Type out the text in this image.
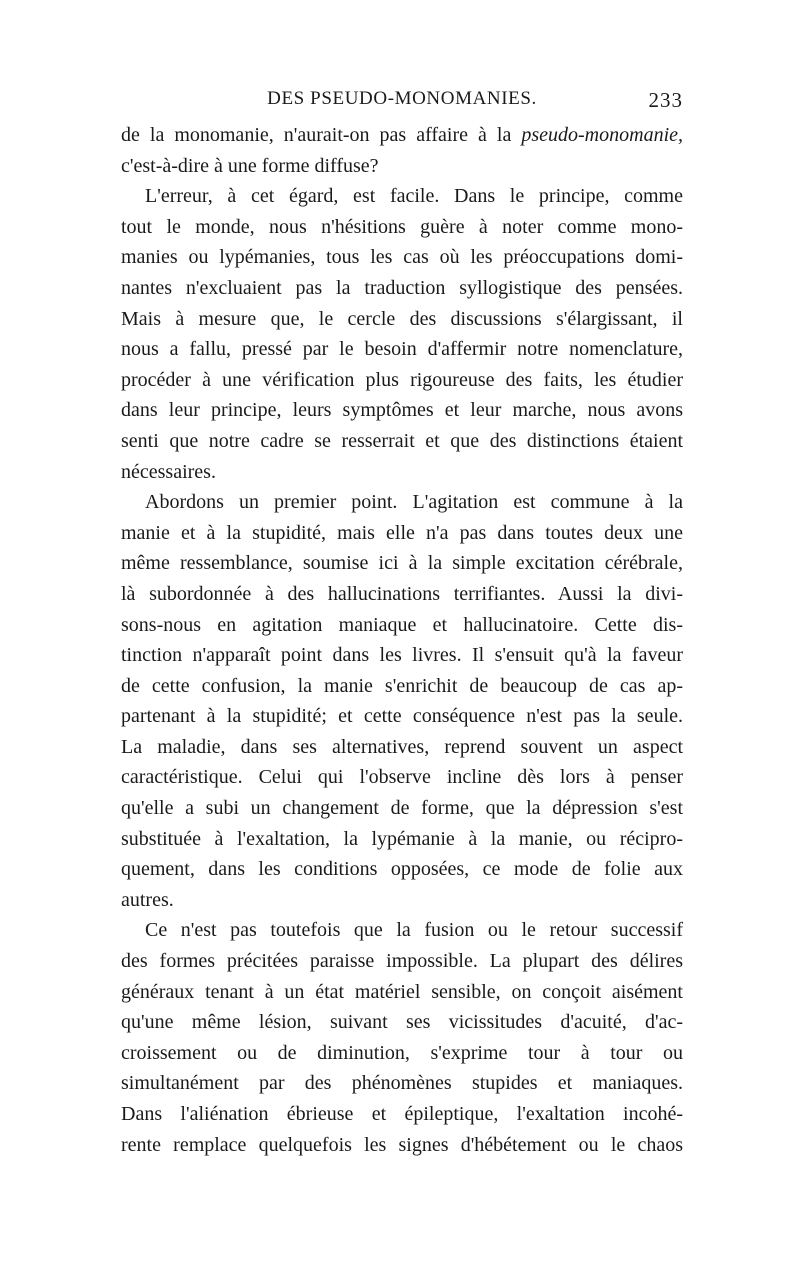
DES PSEUDO-MONOMANIES.	233
de la monomanie, n'aurait-on pas affaire à la pseudo-monomanie,
c'est-à-dire à une forme diffuse?
L'erreur, à cet égard, est facile. Dans le principe, comme
tout le monde, nous n'hésitions guère à noter comme mono-
manies ou lypémanies, tous les cas où les préoccupations domi-
nantes n'excluaient pas la traduction syllogistique des pensées.
Mais à mesure que, le cercle des discussions s'élargissant, il
nous a fallu, pressé par le besoin d'affermir notre nomenclature,
procéder à une vérification plus rigoureuse des faits, les étudier
dans leur principe, leurs symptômes et leur marche, nous avons
senti que notre cadre se resserrait et que des distinctions étaient
nécessaires.
Abordons un premier point. L'agitation est commune à la
manie et à la stupidité, mais elle n'a pas dans toutes deux une
même ressemblance, soumise ici à la simple excitation cérébrale,
là subordonnée à des hallucinations terrifiantes. Aussi la divi-
sons-nous en agitation maniaque et hallucinatoire. Cette dis-
tinction n'apparaît point dans les livres. Il s'ensuit qu'à la faveur
de cette confusion, la manie s'enrichit de beaucoup de cas ap-
partenant à la stupidité; et cette conséquence n'est pas la seule.
La maladie, dans ses alternatives, reprend souvent un aspect
caractéristique. Celui qui l'observe incline dès lors à penser
qu'elle a subi un changement de forme, que la dépression s'est
substituée à l'exaltation, la lypémanie à la manie, ou récipro-
quement, dans les conditions opposées, ce mode de folie aux
autres.
Ce n'est pas toutefois que la fusion ou le retour successif
des formes précitées paraisse impossible. La plupart des délires
généraux tenant à un état matériel sensible, on conçoit aisément
qu'une même lésion, suivant ses vicissitudes d'acuité, d'ac-
croissement ou de diminution, s'exprime tour à tour ou
simultanément par des phénomènes stupides et maniaques.
Dans l'aliénation ébrieuse et épileptique, l'exaltation incohé-
rente remplace quelquefois les signes d'hébétement ou le chaos
